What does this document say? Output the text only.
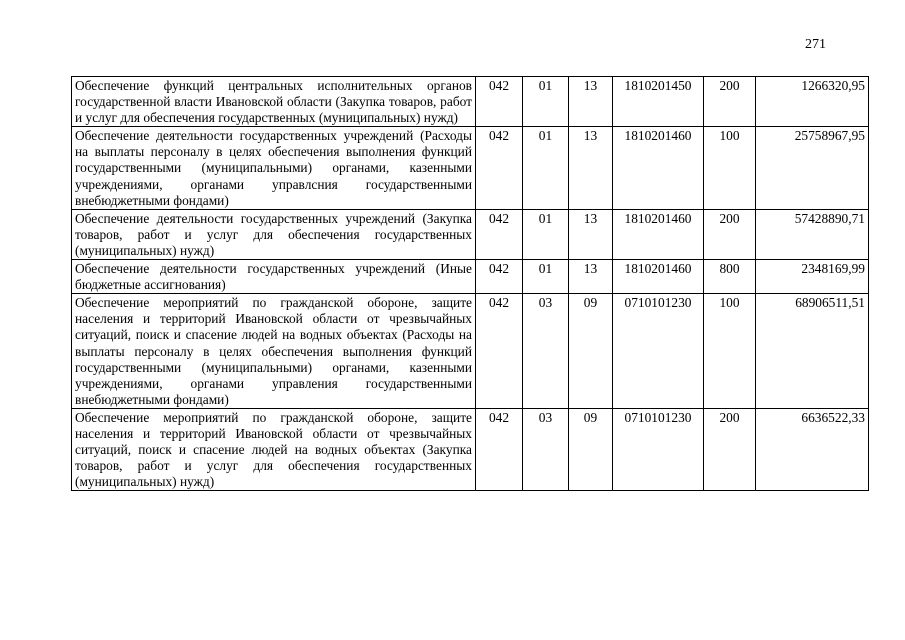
271
Обеспечение функций центральных исполнительных органов государственной власти Ивановской области (Закупка товаров, работ и услуг для обеспечения государственных (муниципальных) нужд)	042	01	13	1810201450	200	1266320,95
Обеспечение деятельности государственных учреждений (Расходы на выплаты персоналу в целях обеспечения выполнения функций государственными (муниципальными) органами, казенными учреждениями, органами управлсния государственными внебюджетными фондами)	042	01	13	1810201460	100	25758967,95
Обеспечение деятельности государственных учреждений (Закупка товаров, работ и услуг для обеспечения государственных (муниципальных) нужд)	042	01	13	1810201460	200	57428890,71
Обеспечение деятельности государственных учреждений (Иные бюджетные ассигнования)	042	01	13	1810201460	800	2348169,99
Обеспечение мероприятий по гражданской обороне, защите населения и территорий Ивановской области от чрезвычайных ситуаций, поиск и спасение людей на водных объектах (Расходы на выплаты персоналу в целях обеспечения выполнения функций государственными (муниципальными) органами, казенными учреждениями, органами управления государственными внебюджетными фондами)	042	03	09	0710101230	100	68906511,51
Обеспечение мероприятий по гражданской обороне, защите населения и территорий Ивановской области от чрезвычайных ситуаций, поиск и спасение людей на водных объектах (Закупка товаров, работ и услуг для обеспечения государственных (муниципальных) нужд)	042	03	09	0710101230	200	6636522,33
